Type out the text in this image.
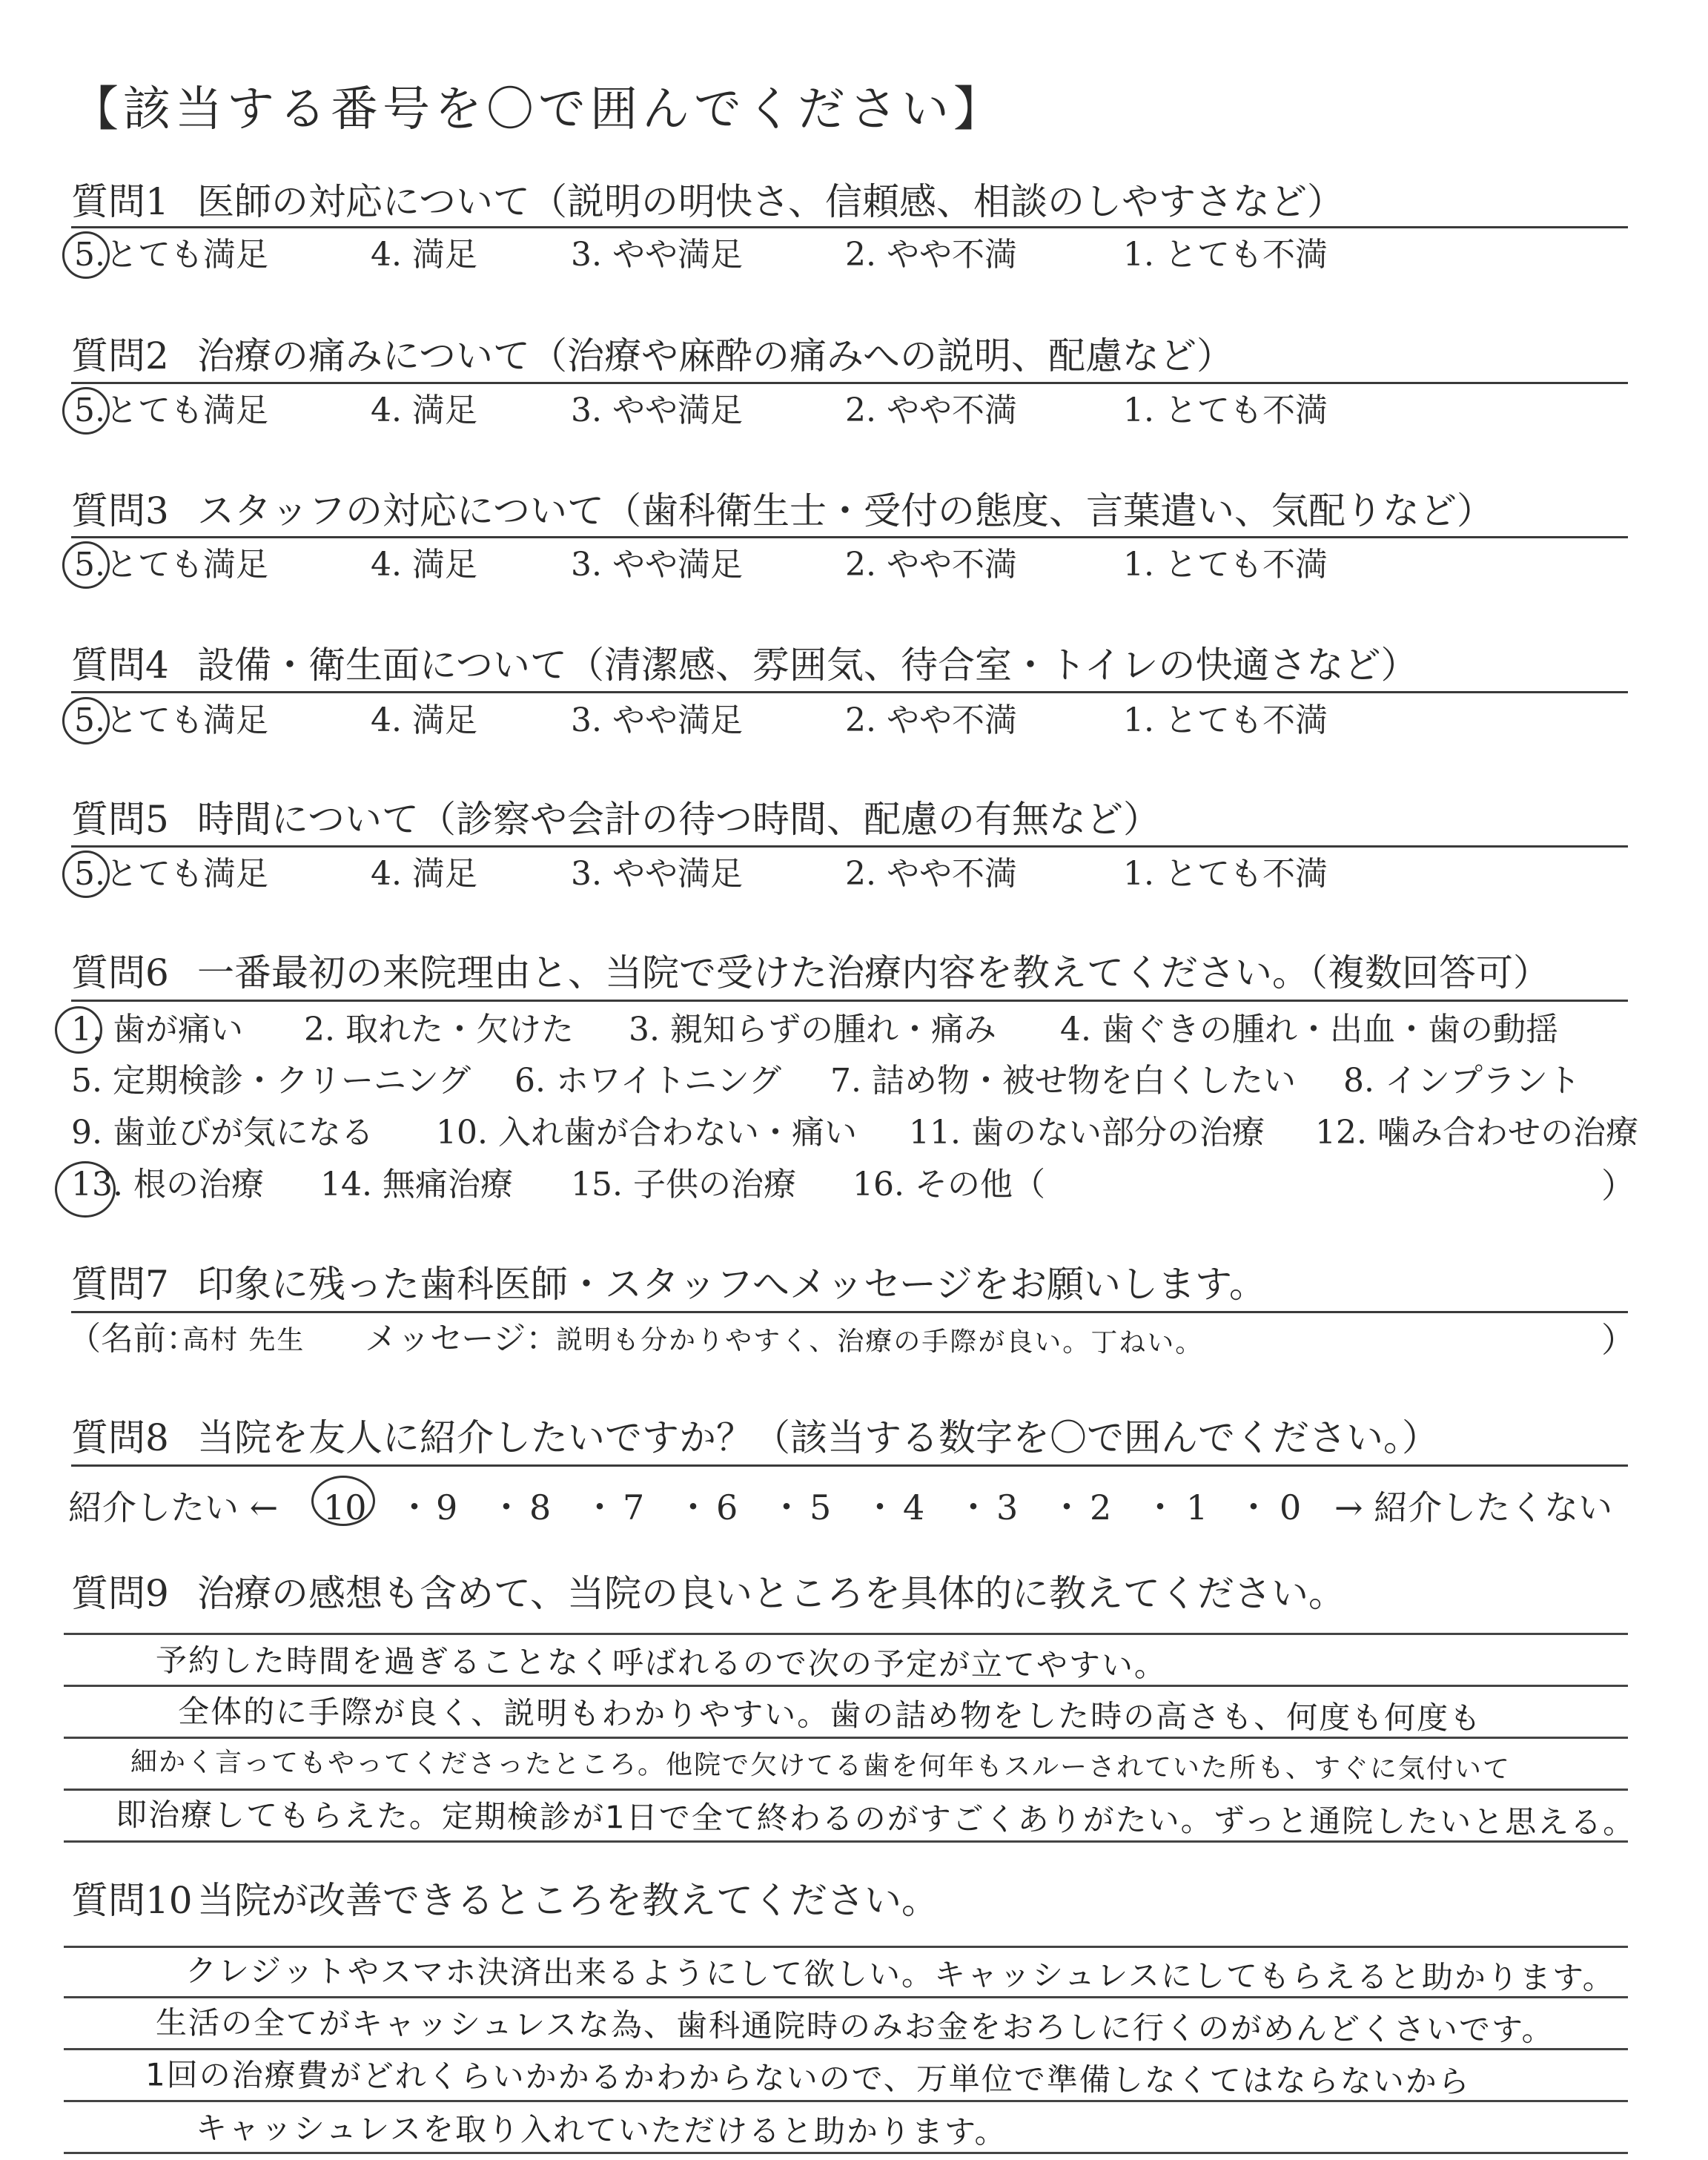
【該当する番号を〇で囲んでください】
質問1 医師の対応について（説明の明快さ、信頼感、相談のしやすさなど）
5.とても満足	4. 満足	3. やや満足	2. やや不満	1. とても不満
質問2 治療の痛みについて（治療や麻酔の痛みへの説明、配慮など）
5.とても満足	4. 満足	3. やや満足	2. やや不満	1. とても不満
質問3 スタッフの対応について（歯科衛生士・受付の態度、言葉遣い、気配りなど）
5.とても満足	4. 満足	3. やや満足	2. やや不満	1. とても不満
質問4 設備・衛生面について（清潔感、雰囲気、待合室・トイレの快適さなど）
5.とても満足	4. 満足	3. やや満足	2. やや不満	1. とても不満
質問5 時間について（診察や会計の待つ時間、配慮の有無など）
5.とても満足	4. 満足	3. やや満足	2. やや不満	1. とても不満
質問6 一番最初の来院理由と、当院で受けた治療内容を教えてください。（複数回答可）
1. 歯が痛い 2. 取れた・欠けた 3. 親知らずの腫れ・痛み 4. 歯ぐきの腫れ・出血・歯の動揺
5. 定期検診・クリーニング 6. ホワイトニング 7. 詰め物・被せ物を白くしたい 8. インプラント
9. 歯並びが気になる 10. 入れ歯が合わない・痛い 11. 歯のない部分の治療 12. 噛み合わせの治療
13. 根の治療 14. 無痛治療 15. 子供の治療 16. その他（	）
質問7 印象に残った歯科医師・スタッフへメッセージをお願いします。
（名前：
高村 先生 メッセージ：
説明も分かりやすく、治療の手際が良い。丁ねい。	）
質問8 当院を友人に紹介したいですか？（該当する数字を〇で囲んでください。）
紹介したい ← 10 ・ 9 ・ 8 ・ 7 ・ 6 ・ 5 ・ 4 ・ 3 ・ 2 ・ 1 ・ 0 → 紹介したくない
質問9 治療の感想も含めて、当院の良いところを具体的に教えてください。
予約した時間を過ぎることなく呼ばれるので次の予定が立てやすい。
全体的に手際が良く、説明もわかりやすい。歯の詰め物をした時の高さも、何度も何度も
細かく言ってもやってくださったところ。他院で欠けてる歯を何年もスルーされていた所も、すぐに気付いて
即治療してもらえた。定期検診が1日で全て終わるのがすごくありがたい。ずっと通院したいと思える。
質問10 当院が改善できるところを教えてください。
クレジットやスマホ決済出来るようにして欲しい。キャッシュレスにしてもらえると助かります。
生活の全てがキャッシュレスな為、歯科通院時のみお金をおろしに行くのがめんどくさいです。
1回の治療費がどれくらいかかるかわからないので、万単位で準備しなくてはならないから
キャッシュレスを取り入れていただけると助かります。
